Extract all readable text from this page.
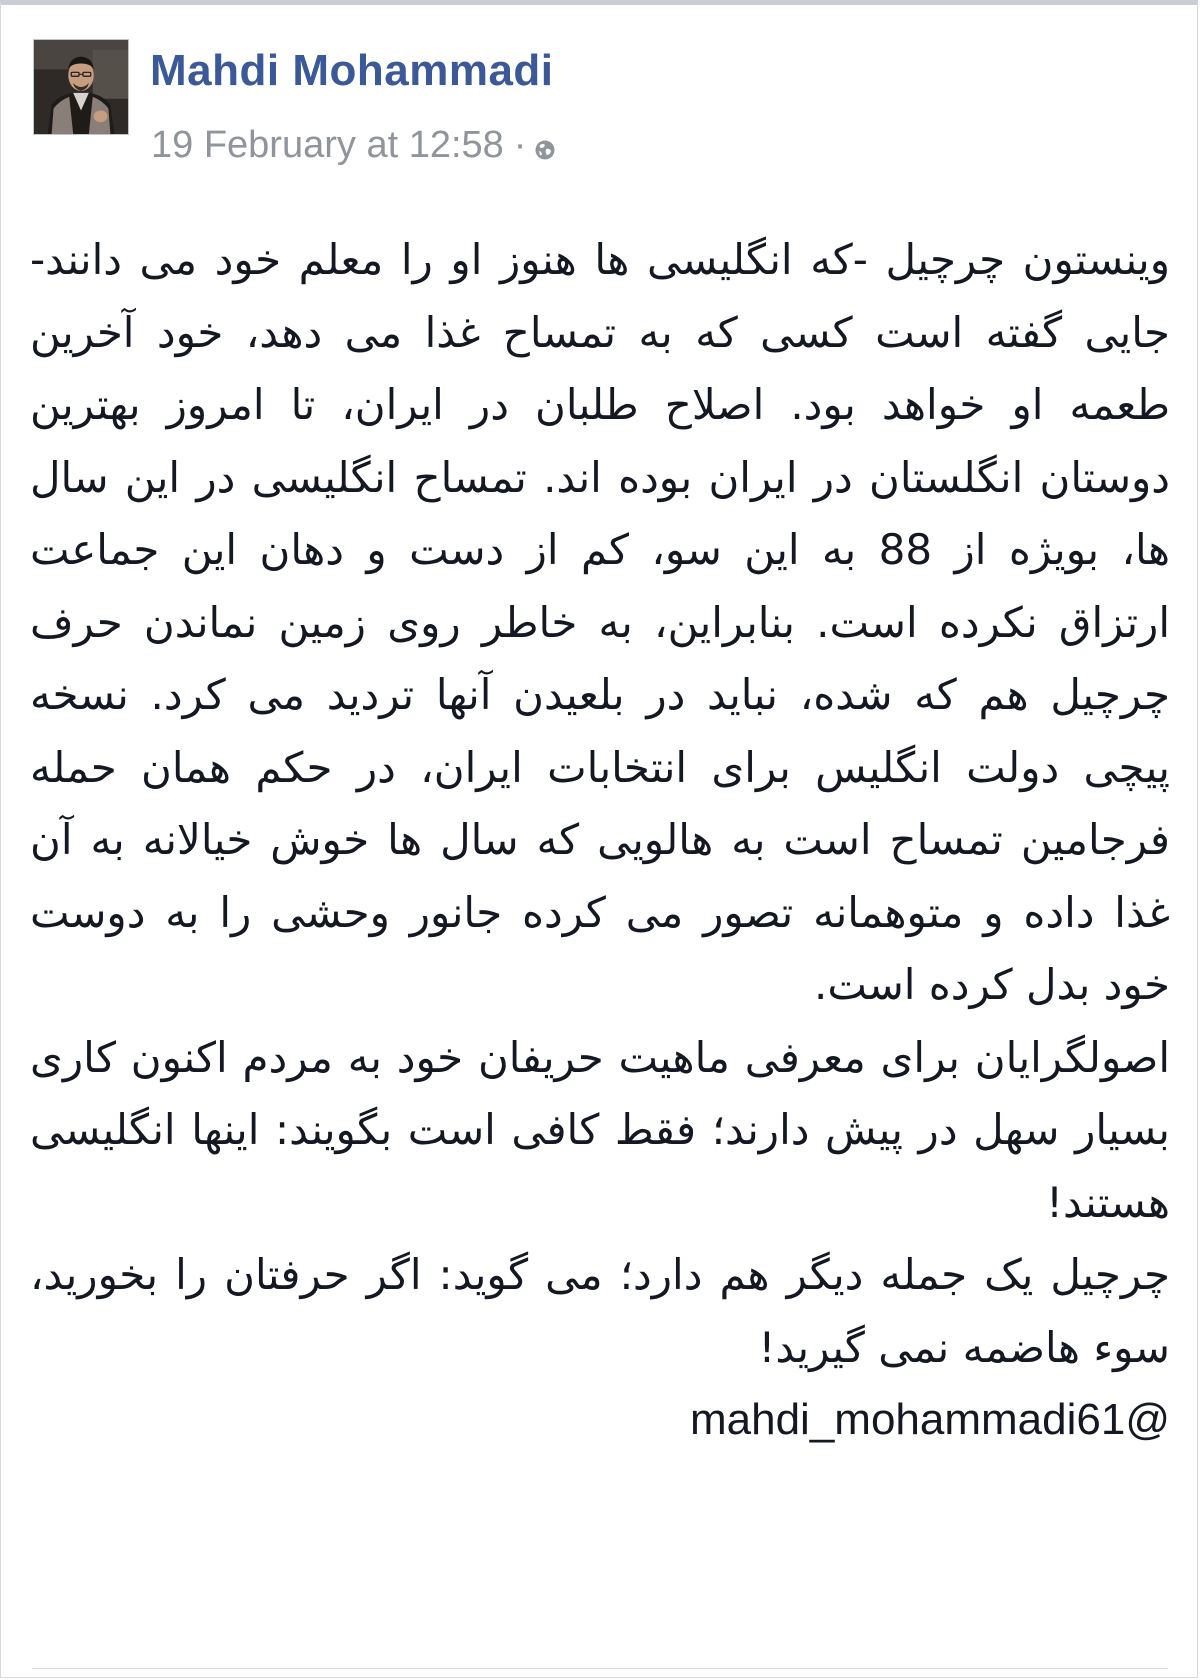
Mahdi Mohammadi
19 February at 12:58 ·

وینستون چرچیل -که انگلیسی ها هنوز او را معلم خود می دانند- جایی گفته است کسی که به تمساح غذا می دهد، خود آخرین طعمه او خواهد بود. اصلاح طلبان در ایران، تا امروز بهترین دوستان انگلستان در ایران بوده اند. تمساح انگلیسی در این سال ها، بویژه از 88 به این سو، کم از دست و دهان این جماعت ارتزاق نکرده است. بنابراین، به خاطر روی زمین نماندن حرف چرچیل هم که شده، نباید در بلعیدن آنها تردید می کرد. نسخه پیچی دولت انگلیس برای انتخابات ایران، در حکم همان حمله فرجامین تمساح است به هالویی که سال ها خوش خیالانه به آن غذا داده و متوهمانه تصور می کرده جانور وحشی را به دوست خود بدل کرده است.

اصولگرایان برای معرفی ماهیت حریفان خود به مردم اکنون کاری بسیار سهل در پیش دارند؛ فقط کافی است بگویند: اینها انگلیسی هستند!

چرچیل یک جمله دیگر هم دارد؛ می گوید: اگر حرفتان را بخورید، سوء هاضمه نمی گیرید!

mahdi_mohammadi61@
